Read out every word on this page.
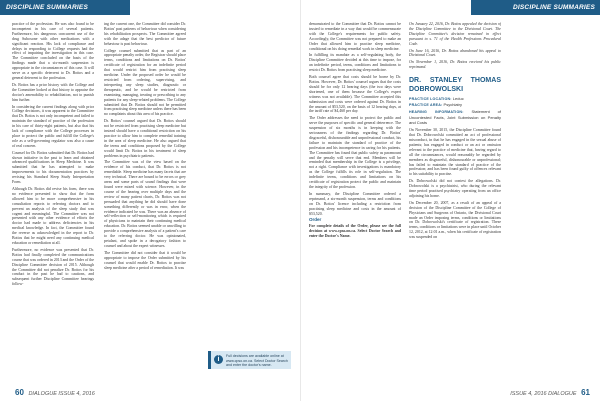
DISCIPLINE SUMMARIES

practice of the profession. He was also found to be incompetent in his care of several patients. Furthermore, his dangerous concurrent use of the drug Suboxone with other medications with a significant reaction. His lack of compliance and delays in responding to College requests had the effect of impairing the investigation in this case. The Committee concluded on the basis of the findings made that a six-month suspension is appropriate in the circumstances of this case. It will serve as a specific deterrent to Dr. Bottos and a general deterrent to the profession.

Dr. Bottos has a prior history with the College and the Committee looked at that history to appraise the doctor's amenability to rehabilitation, not to punish him further.

In considering the current findings along with prior College decisions, it was apparent to the Committee that Dr. Bottos is not only incompetent and failed to maintain the standard of practice of the profession in his care of thirty-eight patients, but also that his lack of compliance with the College processes in place to protect the public and fulfill the College's role as a self-governing regulator was also a cause of real concern.

Counsel for Dr. Bottos submitted that Dr. Bottos had shown initiative in the past to learn and obtained advanced qualifications in Sleep Medicine. It was submitted that he has attempted to make improvements to his documentation practices by revising his Standard Sleep Study Interpretation Form.

Although Dr. Bottos did revise his form, there was no evidence presented to show that the form allowed him to be more comprehensive in his consultation reports to referring doctors and to prevent an analysis of the sleep study that was cogent and meaningful. The Committee was not presented with any other evidence of efforts the doctor had made to address deficiencies in his medical knowledge. In fact, the Committee found the reverse as acknowledged in the report to Dr. Bottos that he might need any continuing medical education or remediation at all.

Furthermore, no evidence was presented that Dr. Bottos had finally completed the communications course that was ordered in 2013 and the Order of the Discipline Committee decision of 2015. Although the Committee did not penalize Dr. Bottos for his conduct in the past he had to cautions, and subsequent further Discipline Committee hearings follow-

ing the current one, the Committee did consider Dr. Bottos' past patterns of behaviour when considering his rehabilitation prospects. The Committee agreed with the adage that the best predictor of future behaviour is past behaviour.

College counsel submitted that as part of an appropriate penalty order, the Registrar should place terms, conditions and limitations on Dr. Bottos' certificate of registration for an indefinite period that would restrict him from practising sleep medicine. Under the proposed order he would be restricted from ordering, supervising, and interpreting any sleep studies, diagnostic or therapeutic, and he would be restricted from examining, managing, treating or prescribing to any patients for any sleep-related problems. The College submitted that Dr. Bottos should not be permitted from practising sleep medicine unless there has been no complaints about this area of his practice.

Dr. Bottos' counsel argued that Dr. Bottos should not be restricted from practising sleep medicine but instead should have a conditional restriction on his practice to allow him to complete remedial training in the area of sleep medicine. He also argued that the terms and conditions proposed by the College would limit Dr. Bottos in his treatment of sleep problems in psychiatric patients.

The Committee was of the view based on the evidence of his conduct, that Dr. Bottos is not remediable. Sleep medicine has many facets that are very technical. There are bound to be errors or grey areas and some parts of sound findings that were found were mixed with science. However, in the course of the hearing over multiple days and the review of many patient charts, Dr. Bottos was not persuaded that anything he did should have done something differently or was in error, when the evidence indicated he was. There was an absence of self-reflection or self-monitoring which is required of physicians to maintain their continuing medical education. Dr. Bottos seemed unable or unwilling to provide a comprehensive analysis of a patient's care to the referring doctor. He was opinionated, petulant, and spoke in a derogatory fashion to counsel and about the expert witnesses.

The Committee did not consider that it would be appropriate to impose the Order submitted by his counsel that would enable Dr. Bottos to practise sleep medicine after a period of remediation. It was

60 DIALOGUE ISSUE 4, 2016
DISCIPLINE SUMMARIES

demonstrated to the Committee that Dr. Bottos cannot be trusted to remediate in a way that would be commensurate with the College's requirements for public safety. Accordingly, the Committee was not prepared to make an Order that allowed him to practise sleep medicine, conditional on his doing remedial work in sleep medicine.

In fulfilling its mandate as a self-regulating body, the Discipline Committee decided at this time to impose, for an indefinite period, terms, conditions and limitations to restrict Dr. Bottos from practising sleep medicine.

Both counsel agree that costs should be borne by Dr. Bottos. However, Dr. Bottos' counsel argues that the costs should be for only 12 hearing days (the two days were shortened, one of them because the College's expert witness was not available). The Committee accepted this submission and costs were ordered against Dr. Bottos in the amount of $53,520, on the basis of 12 hearing days, at the tariff rate of $4,460 per day.

The Order addresses the need to protect the public and serve the purposes of specific and general deterrence. The suspension of six months is in keeping with the seriousness of the findings regarding Dr. Bottos' disgraceful, dishonourable and unprofessional conduct, his failure to maintain the standard of practice of the profession and his incompetence in caring for his patients. The Committee has found that public safety as paramount and the penalty will serve that end. Members will be reminded that membership in the College is a privilege, not a right. Compliance with investigations is mandatory as the College fulfills its role in self-regulation. The indefinite terms, conditions and limitations on his certificate of registration protect the public and maintain the integrity of the profession.

In summary, the Discipline Committee ordered a reprimand, a six-month suspension, terms and conditions on Dr. Bottos' licence including a restriction from practising sleep medicine and costs in the amount of $53,520.

Order

For complete details of the Order, please see the full decision at www.cpso.on.ca. Select Doctor Search and enter the Doctor's Name.

On January 22, 2016, Dr. Bottos appealed the decision of the Discipline Committee to the Divisional Court. The Discipline Committee's decision remained in effect pursuant to s. 71 of the Health Professions Procedural Code.

On June 16, 2016, Dr. Bottos abandoned his appeal to Divisional Court.

On November 1, 2016, Dr. Bottos received his public reprimand.

DR. STANLEY THOMAS DOBROWOLSKI
PRACTICE LOCATION: Leduc
PRACTICE AREA: Psychiatry
HEARING INFORMATION: Statement of Uncontested Facts, Joint Submission on Penalty and Costs

On November 30, 2015, the Discipline Committee found that Dr. Dobrowolski committed an act of professional misconduct, in that he has engaged in the sexual abuse of patients; has engaged in conduct or an act or omission relevant to the practice of medicine that, having regard to all the circumstances, would reasonably be regarded by members as disgraceful, dishonourable or unprofessional; has failed to maintain the standard of practice of the profession; and has been found guilty of offences relevant to his suitability to practise.

Dr. Dobrowolski did not contest the allegations. Dr. Dobrowolski is a psychiatrist, who during the relevant time period practised psychiatry operating from an office adjoining his home.

On December 20, 2007, as a result of an appeal of a decision of the Discipline Committee of the College of Physicians and Surgeons of Ontario, the Divisional Court made an Order imposing terms, conditions or limitations on Dr. Dobrowolski's certificate of registration. These terms, conditions or limitations were in place until October 12, 2012, at 12:01 a.m., when his certificate of registration was suspended on

ISSUE 4, 2016 DIALOGUE 61
i	Full decisions are available online at www.cpso.on.ca. Select Doctor Search and enter the doctor's name.
